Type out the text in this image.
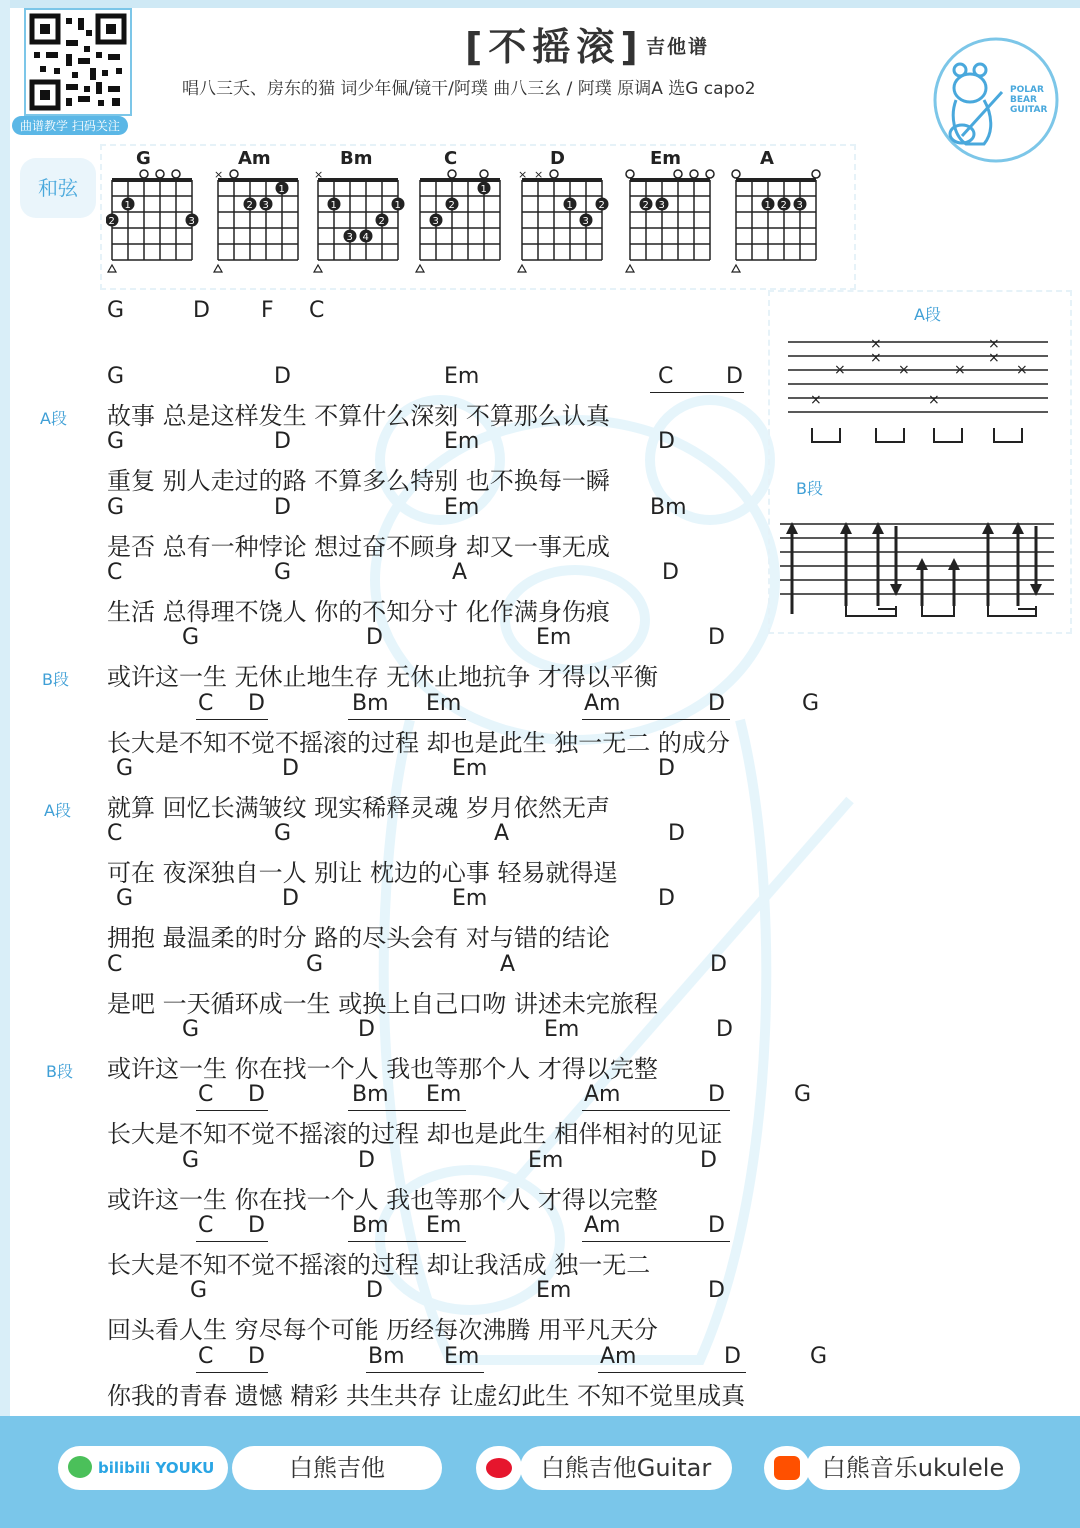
曲谱教学 扫码关注
[不摇滚] 吉他谱
唱八三夭、房东的猫 词少年佩/镜干/阿璞 曲八三幺 / 阿璞 原调A 选G capo2	POLAR
BEAR
GUITAR
和弦
G
1
2	3
Am
×
1
2 3
Bm
×
1	1
2
3 4
C
1
2
3
D
× ×
1	2
3
Em
2 3
A
1 2 3
G	D F C	A段
×
×
×	×
×	×
×
×
×
×
B段
G	D	Em	C D
故事 总是这样发生 不算什么深刻 不算那么认真
G	D	Em	D
重复 别人走过的路 不算多么特别 也不换每一瞬
G	D	Em	Bm
是否 总有一种悖论 想过奋不顾身 却又一事无成
C	G	A	D
生活 总得理不饶人 你的不知分寸 化作满身伤痕
G	D	Em	D
或许这一生 无休止地生存 无休止地抗争 才得以平衡
C D	Bm Em	Am	D	G
长大是不知不觉不摇滚的过程 却也是此生 独一无二 的成分
G	D	Em	D
就算 回忆长满皱纹 现实稀释灵魂 岁月依然无声
C	G	A	D
可在 夜深独自一人 别让 枕边的心事 轻易就得逞
G	D	Em	D
拥抱 最温柔的时分 路的尽头会有 对与错的结论
C	G	A	D
是吧 一天循环成一生 或换上自己口吻 讲述未完旅程
G	D	Em	D
或许这一生 你在找一个人 我也等那个人 才得以完整
C D	Bm Em	Am	D	G
长大是不知不觉不摇滚的过程 却也是此生 相伴相衬的见证
G	D	Em	D
或许这一生 你在找一个人 我也等那个人 才得以完整
C D	Bm Em	Am	D
长大是不知不觉不摇滚的过程 却让我活成 独一无二
G	D	Em	D
回头看人生 穷尽每个可能 历经每次沸腾 用平凡天分
C D	Bm Em	Am	D	G
你我的青春 遗憾 精彩 共生共存 让虚幻此生 不知不觉里成真
A段
B段
A段
B段
bilibili YOUKU	白熊吉他	白熊吉他Guitar	白熊音乐ukulele
